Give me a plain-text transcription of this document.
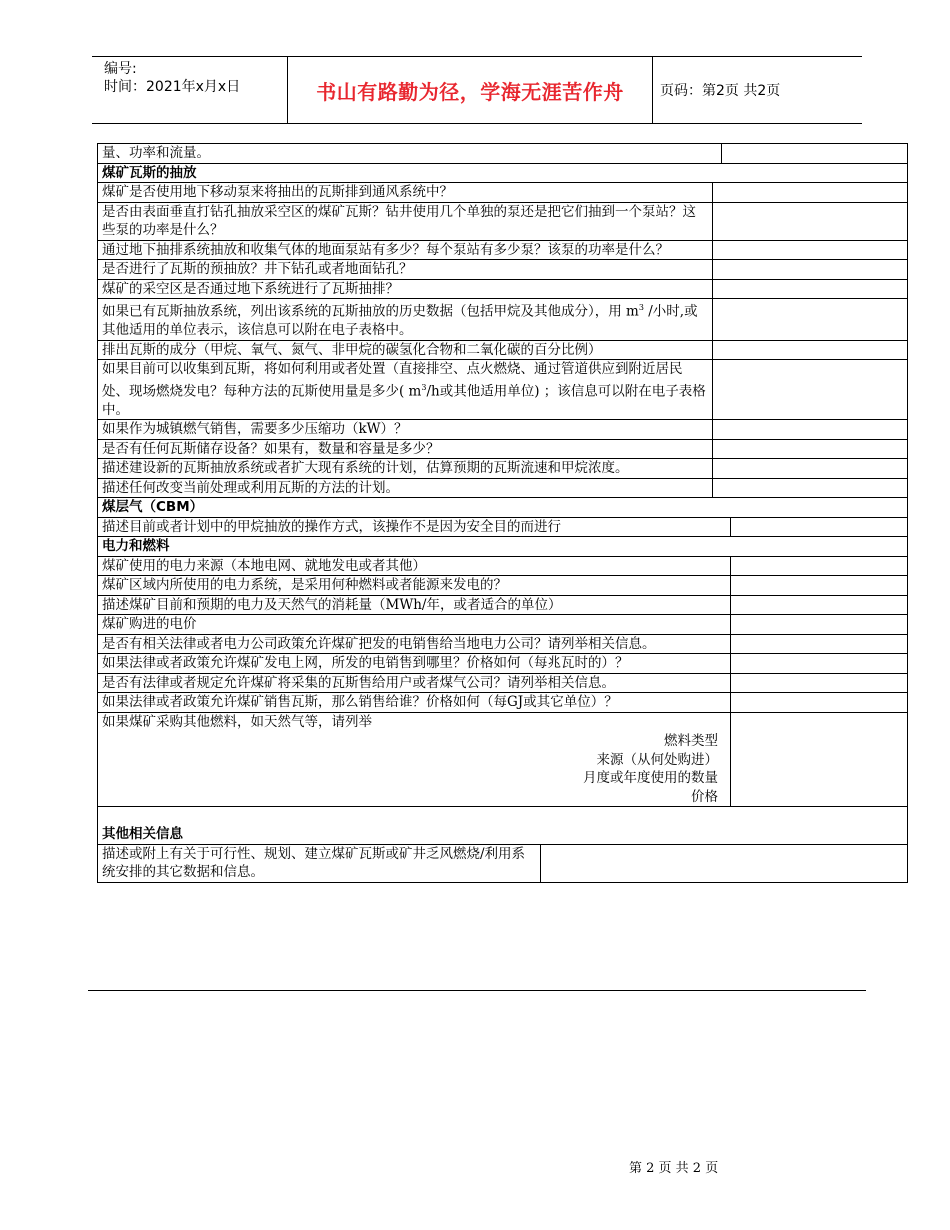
编号:
时间：2021年x月x日	书山有路勤为径，学海无涯苦作舟	页码：第2页 共2页
量、功率和流量。				
煤矿瓦斯的抽放				
煤矿是否使用地下移动泵来将抽出的瓦斯排到通风系统中？				
是否由表面垂直打钻孔抽放采空区的煤矿瓦斯？钻井使用几个单独的泵还是把它们抽到一个泵站？这些泵的功率是什么？				
通过地下抽排系统抽放和收集气体的地面泵站有多少？每个泵站有多少泵？该泵的功率是什么？				
是否进行了瓦斯的预抽放？井下钻孔或者地面钻孔？				
煤矿的采空区是否通过地下系统进行了瓦斯抽排？				
如果已有瓦斯抽放系统，列出该系统的瓦斯抽放的历史数据（包括甲烷及其他成分），用 $m^3$ /小时,或其他适用的单位表示，该信息可以附在电子表格中。				
排出瓦斯的成分（甲烷、氧气、氮气、非甲烷的碳氢化合物和二氧化碳的百分比例）				
如果目前可以收集到瓦斯，将如何利用或者处置（直接排空、点火燃烧、通过管道供应到附近居民处、现场燃烧发电？每种方法的瓦斯使用量是多少( $m^3/h$或其他适用单位) ；该信息可以附在电子表格中。				
如果作为城镇燃气销售，需要多少压缩功（kW）？				
是否有任何瓦斯储存设备？如果有，数量和容量是多少？				
描述建设新的瓦斯抽放系统或者扩大现有系统的计划，估算预期的瓦斯流速和甲烷浓度。				
描述任何改变当前处理或利用瓦斯的方法的计划。				
煤层气（CBM）				
描述目前或者计划中的甲烷抽放的操作方式，该操作不是因为安全目的而进行				
电力和燃料				
煤矿使用的电力来源（本地电网、就地发电或者其他）				
煤矿区域内所使用的电力系统，是采用何种燃料或者能源来发电的？				
描述煤矿目前和预期的电力及天然气的消耗量（MWh/年，或者适合的单位）				
煤矿购进的电价				
是否有相关法律或者电力公司政策允许煤矿把发的电销售给当地电力公司？请列举相关信息。				
如果法律或者政策允许煤矿发电上网，所发的电销售到哪里？价格如何（每兆瓦时的）？				
是否有法律或者规定允许煤矿将采集的瓦斯售给用户或者煤气公司？请列举相关信息。				
如果法律或者政策允许煤矿销售瓦斯，那么销售给谁？价格如何（每GJ或其它单位）？				

如果煤矿采购其他燃料，如天然气等，请列举
燃料类型
来源（从何处购进）
月度或年度使用的数量
价格				

其他相关信息				
描述或附上有关于可行性、规划、建立煤矿瓦斯或矿井乏风燃烧/利用系统安排的其它数据和信息。				
第 2 页 共 2 页
